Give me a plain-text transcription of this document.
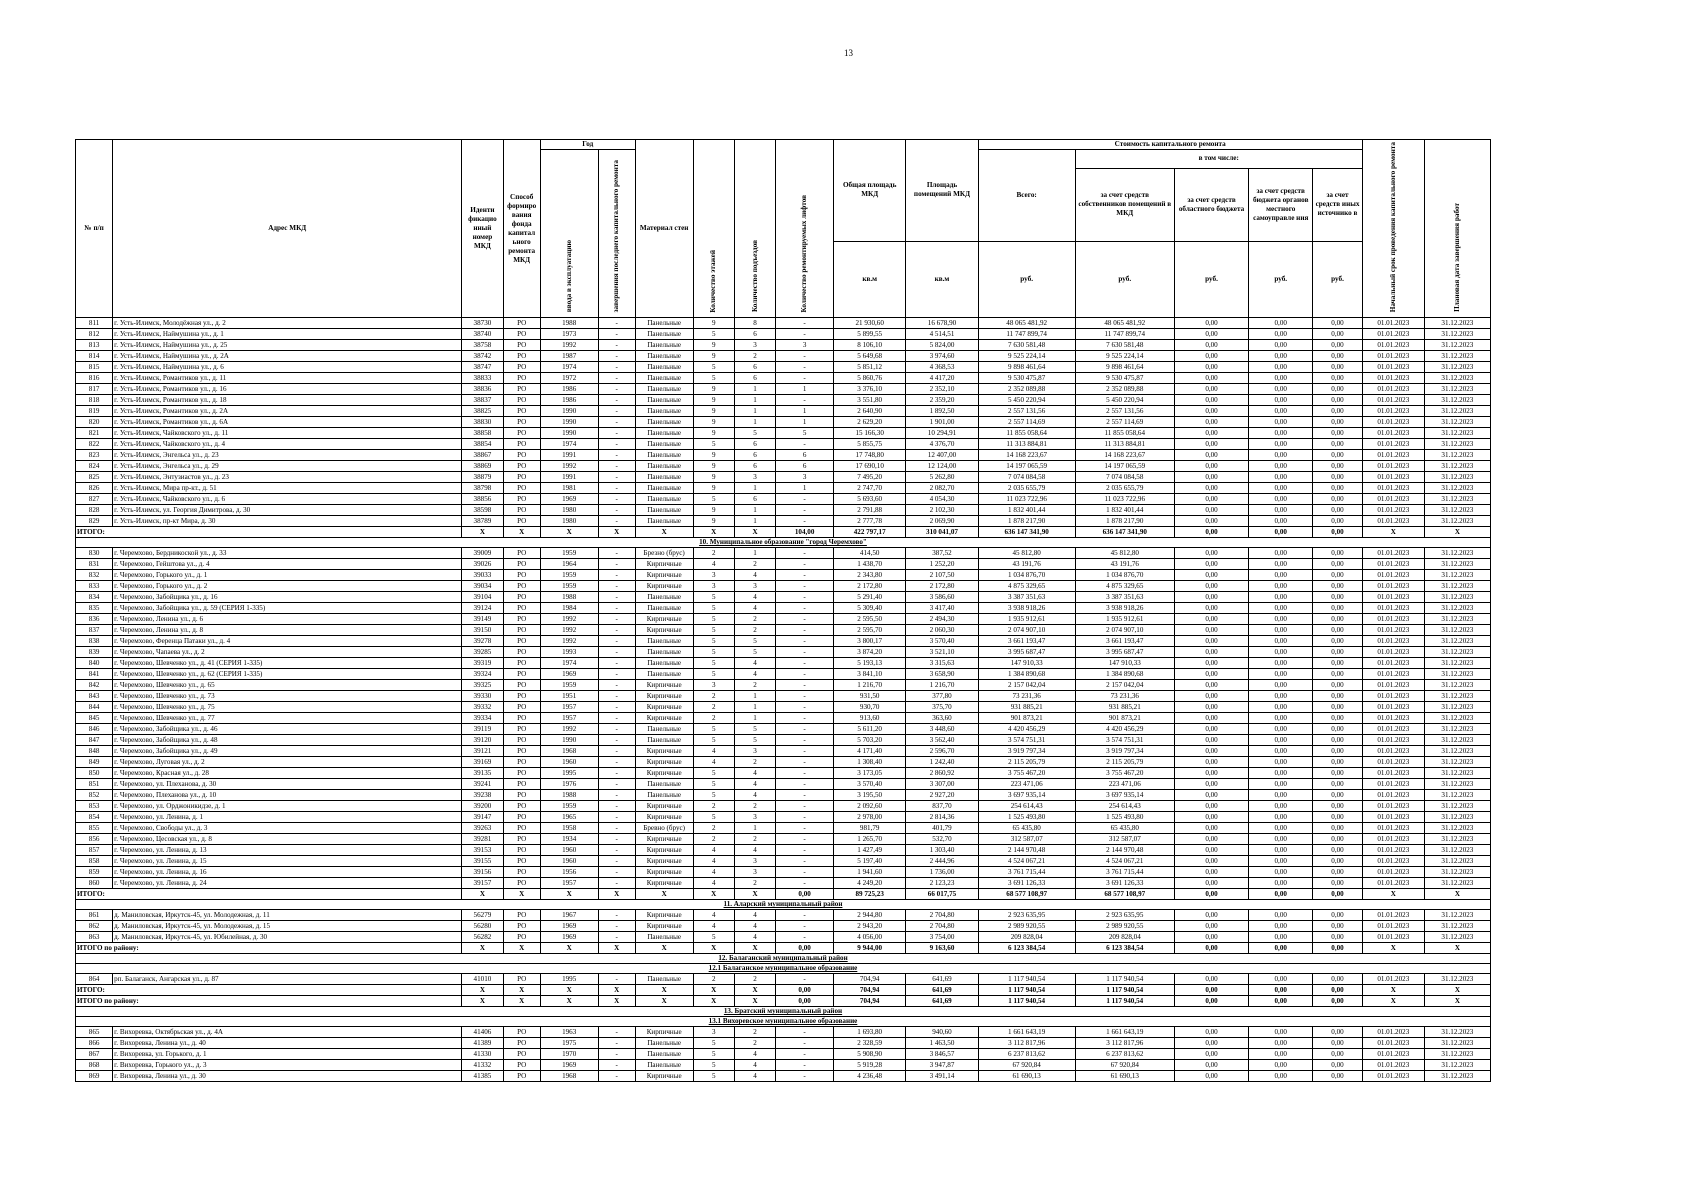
13
№ п/п	Адрес МКД	Иденти фикацио нный номер МКД	Способ формиро вания фонда капитал ьного ремонта МКД	Год		Материал стен	Количество этажей	Количество подъездов	Количество ремонтируемых лифтов	Общая площадь МКД	Площадь помещений МКД	Стоимость капитального ремонта					Начальный срок проведения капитального ремонта	Плановая дата завершения работ
				ввода в эксплуатацию	завершения последнего капитального ремонта							Всего:	в том числе:					
													за счет средств собственников помещений в МКД	за счет средств областного бюджета	за счет средств бюджета органов местного самоуправле ния	за счет средств иных источнико в		
										кв.м	кв.м	руб.	руб.	руб.	руб.	руб.		
811	г. Усть-Илимск, Молодёжная ул., д. 2	38730	РО	1988	-	Панельные	9	8	-	21 930,60	16 678,90	48 065 481,92	48 065 481,92	0,00	0,00	0,00	01.01.2023	31.12.2023
812	г. Усть-Илимск, Наймушина ул., д. 1	38740	РО	1973	-	Панельные	5	6	-	5 899,55	4 514,51	11 747 899,74	11 747 899,74	0,00	0,00	0,00	01.01.2023	31.12.2023
813	г. Усть-Илимск, Наймушина ул., д. 25	38758	РО	1992	-	Панельные	9	3	3	8 106,10	5 824,00	7 630 581,48	7 630 581,48	0,00	0,00	0,00	01.01.2023	31.12.2023
814	г. Усть-Илимск, Наймушина ул., д. 2А	38742	РО	1987	-	Панельные	9	2	-	5 649,68	3 974,60	9 525 224,14	9 525 224,14	0,00	0,00	0,00	01.01.2023	31.12.2023
815	г. Усть-Илимск, Наймушина ул., д. 6	38747	РО	1974	-	Панельные	5	6	-	5 851,12	4 368,53	9 898 461,64	9 898 461,64	0,00	0,00	0,00	01.01.2023	31.12.2023
816	г. Усть-Илимск, Романтиков ул., д. 11	38833	РО	1972	-	Панельные	5	6	-	5 860,76	4 417,20	9 530 475,87	9 530 475,87	0,00	0,00	0,00	01.01.2023	31.12.2023
817	г. Усть-Илимск, Романтиков ул., д. 16	38836	РО	1986	-	Панельные	9	1	1	3 376,10	2 352,10	2 352 089,88	2 352 089,88	0,00	0,00	0,00	01.01.2023	31.12.2023
818	г. Усть-Илимск, Романтиков ул., д. 18	38837	РО	1986	-	Панельные	9	1	-	3 551,80	2 359,20	5 450 220,94	5 450 220,94	0,00	0,00	0,00	01.01.2023	31.12.2023
819	г. Усть-Илимск, Романтиков ул., д. 2А	38825	РО	1990	-	Панельные	9	1	1	2 640,90	1 892,50	2 557 131,56	2 557 131,56	0,00	0,00	0,00	01.01.2023	31.12.2023
820	г. Усть-Илимск, Романтиков ул., д. 6А	38830	РО	1990	-	Панельные	9	1	1	2 629,20	1 901,00	2 557 114,69	2 557 114,69	0,00	0,00	0,00	01.01.2023	31.12.2023
821	г. Усть-Илимск, Чайковского ул., д. 11	38858	РО	1990	-	Панельные	9	5	5	15 166,30	10 294,91	11 855 058,64	11 855 058,64	0,00	0,00	0,00	01.01.2023	31.12.2023
822	г. Усть-Илимск, Чайковского ул., д. 4	38854	РО	1974	-	Панельные	5	6	-	5 855,75	4 376,70	11 313 884,81	11 313 884,81	0,00	0,00	0,00	01.01.2023	31.12.2023
823	г. Усть-Илимск, Энгельса ул., д. 23	38867	РО	1991	-	Панельные	9	6	6	17 748,80	12 407,00	14 168 223,67	14 168 223,67	0,00	0,00	0,00	01.01.2023	31.12.2023
824	г. Усть-Илимск, Энгельса ул., д. 29	38869	РО	1992	-	Панельные	9	6	6	17 690,10	12 124,00	14 197 065,59	14 197 065,59	0,00	0,00	0,00	01.01.2023	31.12.2023
825	г. Усть-Илимск, Энтузиастов ул., д. 23	38879	РО	1991	-	Панельные	9	3	3	7 495,20	5 262,80	7 074 084,58	7 074 084,58	0,00	0,00	0,00	01.01.2023	31.12.2023
826	г. Усть-Илимск, Мира пр-кт., д. 51	38798	РО	1981	-	Панельные	9	1	1	2 747,70	2 082,70	2 035 655,79	2 035 655,79	0,00	0,00	0,00	01.01.2023	31.12.2023
827	г. Усть-Илимск, Чайковского ул., д. 6	38856	РО	1969	-	Панельные	5	6	-	5 693,60	4 054,30	11 023 722,96	11 023 722,96	0,00	0,00	0,00	01.01.2023	31.12.2023
828	г. Усть-Илимск, ул. Георгия Димитрова, д. 30	38598	РО	1980	-	Панельные	9	1	-	2 791,88	2 102,30	1 832 401,44	1 832 401,44	0,00	0,00	0,00	01.01.2023	31.12.2023
829	г. Усть-Илимск, пр-кт Мира, д. 30	38789	РО	1980	-	Панельные	9	1	-	2 777,78	2 069,90	1 878 217,90	1 878 217,90	0,00	0,00	0,00	01.01.2023	31.12.2023
ИТОГО:		X	X	X	X	X	X	X	104,00	422 797,17	310 041,07	636 147 341,90	636 147 341,90	0,00	0,00	0,00	X	X
10. Муниципальное образование "город Черемхово"																		
830	г. Черемхово, Бердникоской ул., д. 33	39009	РО	1959	-	Брезно (брус)	2	1	-	414,50	387,52	45 812,80	45 812,80	0,00	0,00	0,00	01.01.2023	31.12.2023
831	г. Черемхово, Гейштова ул., д. 4	39026	РО	1964	-	Кирпичные	4	2	-	1 438,70	1 252,20	43 191,76	43 191,76	0,00	0,00	0,00	01.01.2023	31.12.2023
832	г. Черемхово, Горького ул., д. 1	39033	РО	1959	-	Кирпичные	3	4	-	2 343,80	2 107,50	1 034 876,70	1 034 876,70	0,00	0,00	0,00	01.01.2023	31.12.2023
833	г. Черемхово, Горького ул., д. 2	39034	РО	1959	-	Кирпичные	3	3	-	2 172,80	2 172,80	4 875 329,65	4 875 329,65	0,00	0,00	0,00	01.01.2023	31.12.2023
834	г. Черемхово, Забойщика ул., д. 16	39104	РО	1988	-	Панельные	5	4	-	5 291,40	3 586,60	3 387 351,63	3 387 351,63	0,00	0,00	0,00	01.01.2023	31.12.2023
835	г. Черемхово, Забойщика ул., д. 59 (СЕРИЯ 1-335)	39124	РО	1984	-	Панельные	5	4	-	5 309,40	3 417,40	3 938 918,26	3 938 918,26	0,00	0,00	0,00	01.01.2023	31.12.2023
836	г. Черемхово, Ленина ул., д. 6	39149	РО	1992	-	Кирпичные	5	2	-	2 595,50	2 494,30	1 935 912,61	1 935 912,61	0,00	0,00	0,00	01.01.2023	31.12.2023
837	г. Черемхово, Ленина ул., д. 8	39150	РО	1992	-	Кирпичные	5	2	-	2 595,70	2 060,30	2 074 907,10	2 074 907,10	0,00	0,00	0,00	01.01.2023	31.12.2023
838	г. Черемхово, Ференца Патаки ул., д. 4	39278	РО	1992	-	Панельные	5	5	-	3 800,17	3 570,40	3 661 193,47	3 661 193,47	0,00	0,00	0,00	01.01.2023	31.12.2023
839	г. Черемхово, Чапаева ул., д. 2	39285	РО	1993	-	Панельные	5	5	-	3 874,20	3 521,10	3 995 687,47	3 995 687,47	0,00	0,00	0,00	01.01.2023	31.12.2023
840	г. Черемхово, Шевченко ул., д. 41 (СЕРИЯ 1-335)	39319	РО	1974	-	Панельные	5	4	-	5 193,13	3 315,63	147 910,33	147 910,33	0,00	0,00	0,00	01.01.2023	31.12.2023
841	г. Черемхово, Шевченко ул., д. 62 (СЕРИЯ 1-335)	39324	РО	1969	-	Панельные	5	4	-	3 841,10	3 658,90	1 384 890,68	1 384 890,68	0,00	0,00	0,00	01.01.2023	31.12.2023
842	г. Черемхово, Шевченко ул., д. 65	39325	РО	1959	-	Кирпичные	3	2	-	1 216,70	1 216,70	2 157 042,04	2 157 042,04	0,00	0,00	0,00	01.01.2023	31.12.2023
843	г. Черемхово, Шевченко ул., д. 73	39330	РО	1951	-	Кирпичные	2	1	-	931,50	377,80	73 231,36	73 231,36	0,00	0,00	0,00	01.01.2023	31.12.2023
844	г. Черемхово, Шевченко ул., д. 75	39332	РО	1957	-	Кирпичные	2	1	-	930,70	375,70	931 885,21	931 885,21	0,00	0,00	0,00	01.01.2023	31.12.2023
845	г. Черемхово, Шевченко ул., д. 77	39334	РО	1957	-	Кирпичные	2	1	-	913,60	363,60	901 873,21	901 873,21	0,00	0,00	0,00	01.01.2023	31.12.2023
846	г. Черемхово, Забойщика ул., д. 46	39119	РО	1992	-	Панельные	5	5	-	5 611,20	3 448,60	4 420 456,29	4 420 456,29	0,00	0,00	0,00	01.01.2023	31.12.2023
847	г. Черемхово, Забойщика ул., д. 48	39120	РО	1990	-	Панельные	5	5	-	5 703,20	3 562,40	3 574 751,31	3 574 751,31	0,00	0,00	0,00	01.01.2023	31.12.2023
848	г. Черемхово, Забойщика ул., д. 49	39121	РО	1968	-	Кирпичные	4	3	-	4 171,40	2 596,70	3 919 797,34	3 919 797,34	0,00	0,00	0,00	01.01.2023	31.12.2023
849	г. Черемхово, Луговая ул., д. 2	39169	РО	1960	-	Кирпичные	4	2	-	1 308,40	1 242,40	2 115 205,79	2 115 205,79	0,00	0,00	0,00	01.01.2023	31.12.2023
850	г. Черемхово, Красная ул., д. 28	39135	РО	1995	-	Кирпичные	5	4	-	3 173,05	2 860,92	3 755 467,20	3 755 467,20	0,00	0,00	0,00	01.01.2023	31.12.2023
851	г. Черемхово, ул. Плеханова, д. 30	39241	РО	1976	-	Панельные	5	4	-	3 570,40	3 307,00	223 471,06	223 471,06	0,00	0,00	0,00	01.01.2023	31.12.2023
852	г. Черемхово, Плеханова ул., д. 10	39238	РО	1988	-	Панельные	5	4	-	3 195,50	2 927,20	3 697 935,14	3 697 935,14	0,00	0,00	0,00	01.01.2023	31.12.2023
853	г. Черемхово, ул. Орджоникидзе, д. 1	39200	РО	1959	-	Кирпичные	2	2	-	2 092,60	837,70	254 614,43	254 614,43	0,00	0,00	0,00	01.01.2023	31.12.2023
854	г. Черемхово, ул. Ленина, д. 1	39147	РО	1965	-	Кирпичные	5	3	-	2 978,00	2 814,36	1 525 493,80	1 525 493,80	0,00	0,00	0,00	01.01.2023	31.12.2023
855	г. Черемхово, Свободы ул., д. 3	39263	РО	1958	-	Бревно (брус)	2	1	-	981,79	401,79	65 435,80	65 435,80	0,00	0,00	0,00	01.01.2023	31.12.2023
856	г. Черемхово, Цесовская ул., д. 8	39281	РО	1934	-	Кирпичные	2	2	-	1 265,70	532,70	312 587,07	312 587,07	0,00	0,00	0,00	01.01.2023	31.12.2023
857	г. Черемхово, ул. Ленина, д. 13	39153	РО	1960	-	Кирпичные	4	4	-	1 427,49	1 303,40	2 144 970,48	2 144 970,48	0,00	0,00	0,00	01.01.2023	31.12.2023
858	г. Черемхово, ул. Ленина, д. 15	39155	РО	1960	-	Кирпичные	4	3	-	5 197,40	2 444,96	4 524 067,21	4 524 067,21	0,00	0,00	0,00	01.01.2023	31.12.2023
859	г. Черемхово, ул. Ленина, д. 16	39156	РО	1956	-	Кирпичные	4	3	-	1 941,60	1 736,00	3 761 715,44	3 761 715,44	0,00	0,00	0,00	01.01.2023	31.12.2023
860	г. Черемхово, ул. Ленина, д. 24	39157	РО	1957	-	Кирпичные	4	2	-	4 249,20	2 123,23	3 691 126,33	3 691 126,33	0,00	0,00	0,00	01.01.2023	31.12.2023
ИТОГО:		X	X	X	X	X	X	X	0,00	89 725,23	66 017,75	68 577 108,97	68 577 108,97	0,00	0,00	0,00	X	X
11. Аларский муниципальный район																		
861	д. Маниловская, Иркутск-45, ул. Молодежная, д. 11	56279	РО	1967	-	Кирпичные	4	4	-	2 944,80	2 704,80	2 923 635,95	2 923 635,95	0,00	0,00	0,00	01.01.2023	31.12.2023
862	д. Маниловская, Иркутск-45, ул. Молодежная, д. 15	56280	РО	1969	-	Кирпичные	4	4	-	2 943,20	2 704,80	2 989 920,55	2 989 920,55	0,00	0,00	0,00	01.01.2023	31.12.2023
863	д. Маниловская, Иркутск-45, ул. Юбилейная, д. 30	56282	РО	1969	-	Панельные	5	4	-	4 056,00	3 754,00	209 828,04	209 828,04	0,00	0,00	0,00	01.01.2023	31.12.2023
ИТОГО по району:		X	X	X	X	X	X	X	0,00	9 944,00	9 163,60	6 123 384,54	6 123 384,54	0,00	0,00	0,00	X	X
12. Балаганский муниципальный район																		
12.1 Балаганское муниципальное образование																		
864	рп. Балаганск, Ангарская ул., д. 87	41010	РО	1995	-	Панельные	2	2	-	704,94	641,69	1 117 940,54	1 117 940,54	0,00	0,00	0,00	01.01.2023	31.12.2023
ИТОГО:		X	X	X	X	X	X	X	0,00	704,94	641,69	1 117 940,54	1 117 940,54	0,00	0,00	0,00	X	X
ИТОГО по району:		X	X	X	X	X	X	X	0,00	704,94	641,69	1 117 940,54	1 117 940,54	0,00	0,00	0,00	X	X
13. Братский муниципальный район																		
13.1 Вихоревское муниципальное образование																		
865	г. Вихоревка, Октябрьская ул., д. 4А	41406	РО	1963	-	Кирпичные	3	2	-	1 693,80	940,60	1 661 643,19	1 661 643,19	0,00	0,00	0,00	01.01.2023	31.12.2023
866	г. Вихоревка, Ленина ул., д. 40	41389	РО	1975	-	Панельные	5	2	-	2 328,59	1 463,50	3 112 817,96	3 112 817,96	0,00	0,00	0,00	01.01.2023	31.12.2023
867	г. Вихоревка, ул. Горького, д. 1	41330	РО	1970	-	Панельные	5	4	-	5 908,90	3 846,57	6 237 813,62	6 237 813,62	0,00	0,00	0,00	01.01.2023	31.12.2023
868	г. Вихоревка, Горького ул., д. 3	41332	РО	1969	-	Панельные	5	4	-	5 919,28	3 947,87	67 920,84	67 920,84	0,00	0,00	0,00	01.01.2023	31.12.2023
869	г. Вихоревка, Ленина ул., д. 30	41385	РО	1968	-	Кирпичные	5	4	-	4 236,48	3 491,14	61 690,13	61 690,13	0,00	0,00	0,00	01.01.2023	31.12.2023
